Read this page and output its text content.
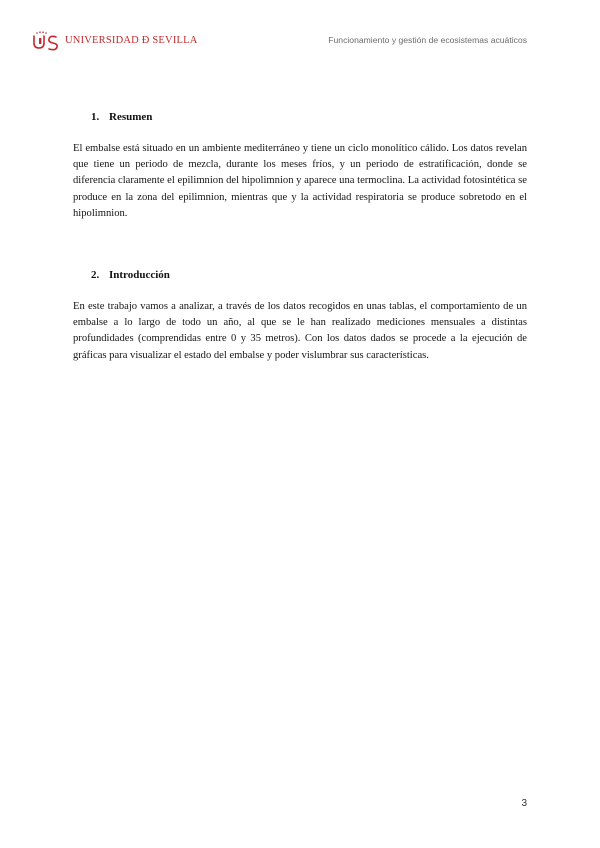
UNIVERSIDAD Đ SEVILLA	Funcionamiento y gestión de ecosistemas acuáticos
1. Resumen

El embalse está situado en un ambiente mediterráneo y tiene un ciclo monolítico cálido. Los datos revelan que tiene un periodo de mezcla, durante los meses fríos, y un periodo de estratificación, donde se diferencia claramente el epilimnion del hipolimnion y aparece una termoclina. La actividad fotosintética se produce en la zona del epilimnion, mientras que y la actividad respiratoria se produce sobretodo en el hipolimnion.

2. Introducción

En este trabajo vamos a analizar, a través de los datos recogidos en unas tablas, el comportamiento de un embalse a lo largo de todo un año, al que se le han realizado mediciones mensuales a distintas profundidades (comprendidas entre 0 y 35 metros). Con los datos dados se procede a la ejecución de gráficas para visualizar el estado del embalse y poder vislumbrar sus características.

3
